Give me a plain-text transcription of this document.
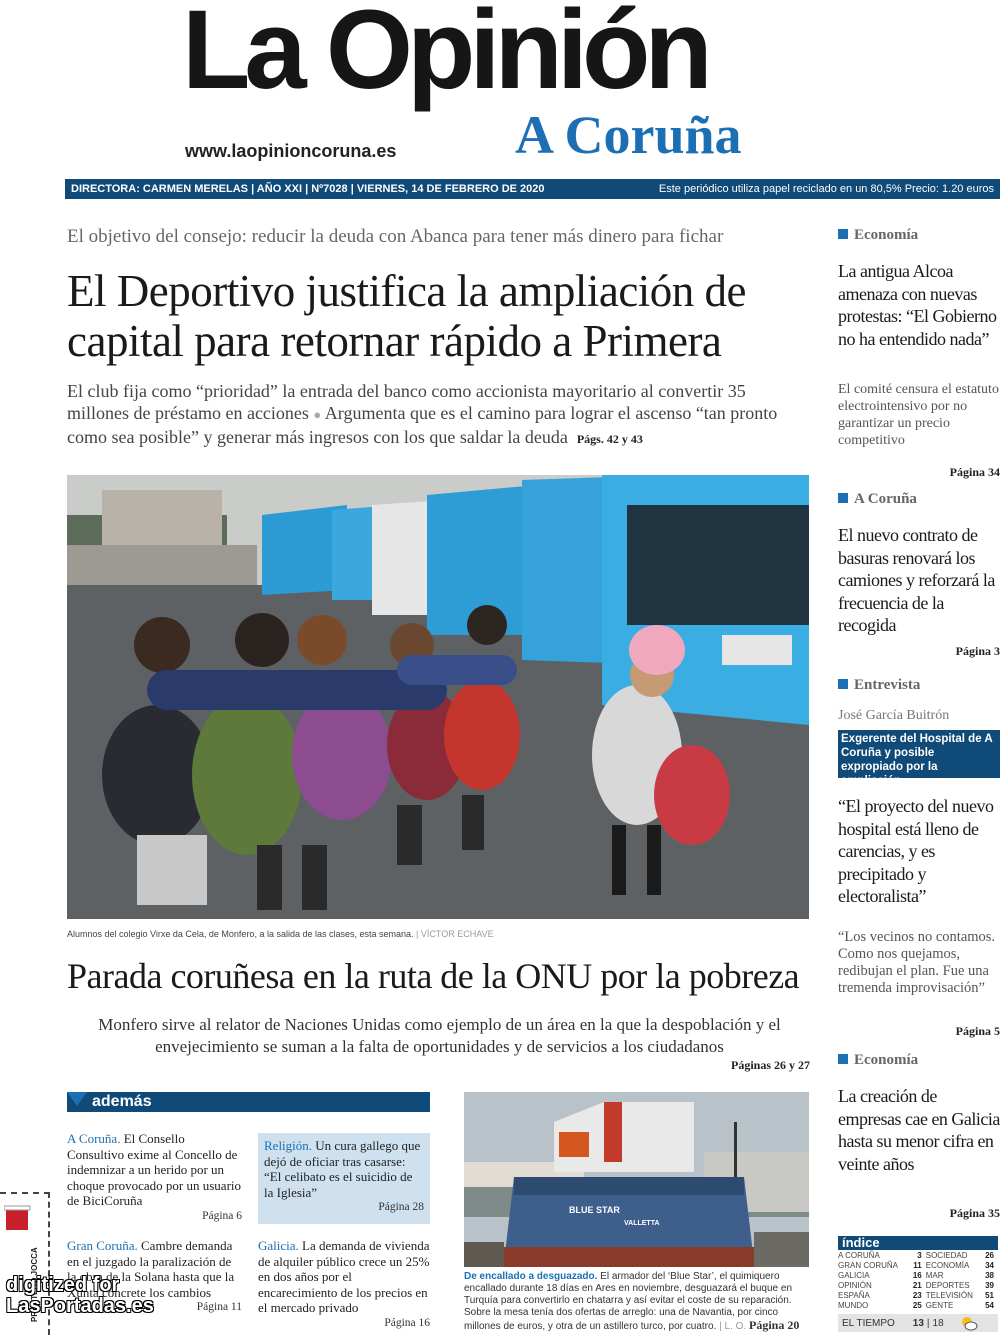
La Opinión
A Coruña
www.laopinioncoruna.es
DIRECTORA: CARMEN MERELAS | AÑO XXI | Nº7028 | VIERNES, 14 DE FEBRERO DE 2020	Este periódico utiliza papel reciclado en un 80,5% Precio: 1.20 euros
El objetivo del consejo: reducir la deuda con Abanca para tener más dinero para fichar
El Deportivo justifica la ampliación de capital para retornar rápido a Primera
El club fija como “prioridad” la entrada del banco como accionista mayoritario al convertir 35 millones de préstamo en acciones ● Argumenta que es el camino para lograr el ascenso “tan pronto como sea posible” y generar más ingresos con los que saldar la deuda Págs. 42 y 43
Alumnos del colegio Virxe da Cela, de Monfero, a la salida de las clases, esta semana. | VÍCTOR ECHAVE
Parada coruñesa en la ruta de la ONU por la pobreza
Monfero sirve al relator de Naciones Unidas como ejemplo de un área en la que la despoblación y el envejecimiento se suman a la falta de oportunidades y de servicios a los ciudadanos
Páginas 26 y 27
además
A Coruña. El Consello Consultivo exime al Concello de indemnizar a un herido por un choque provocado por un usuario de BiciCoruña
Página 6
Religión. Un cura gallego que dejó de oficiar tras casarse: “El celibato es el suicidio de la Iglesia”
Página 28
Gran Coruña. Cambre demanda en el juzgado la paralización de la obra de la Solana hasta que la Xunta concrete los cambios
Página 11
Galicia. La demanda de vivienda de alquiler público crece un 25% en dos años por el encarecimiento de los precios en el mercado privado
Página 16
BLUE STAR
VALLETTA
De encallado a desguazado. El armador del ‘Blue Star’, el quimiquero encallado durante 18 días en Ares en noviembre, desguazará el buque en Turquía para convertirlo en chatarra y así evitar el coste de su reparación. Sobre la mesa tenía dos ofertas de arreglo: una de Navantia, por cinco millones de euros, y otra de un astillero turco, por cuatro. | L. O. Página 20
Economía
La antigua Alcoa amenaza con nuevas protestas: “El Gobierno no ha entendido nada”
El comité censura el estatuto electrointensivo por no garantizar un precio competitivo
Página 34
A Coruña
El nuevo contrato de basuras renovará los camiones y reforzará la frecuencia de la recogida
Página 3
Entrevista
José García Buitrón
Exgerente del Hospital de A Coruña y posible expropiado por la ampliación
“El proyecto del nuevo hospital está lleno de carencias, y es precipitado y electoralista”
“Los vecinos no contamos. Como nos quejamos, redibujan el plan. Fue una tremenda improvisación”
Página 5
Economía
La creación de empresas cae en Galicia hasta su menor cifra en veinte años
Página 35
índice
A CORUÑA	3	SOCIEDAD	26
GRAN CORUÑA	11	ECONOMÍA	34
GALICIA	16	MAR	38
OPINIÓN	21	DEPORTES	39
ESPAÑA	23	TELEVISIÓN	51
MUNDO	25	GENTE	54
EL TIEMPO 13 | 18
PRIMITERO JOCCA
digitized for
LasPortadas.es
